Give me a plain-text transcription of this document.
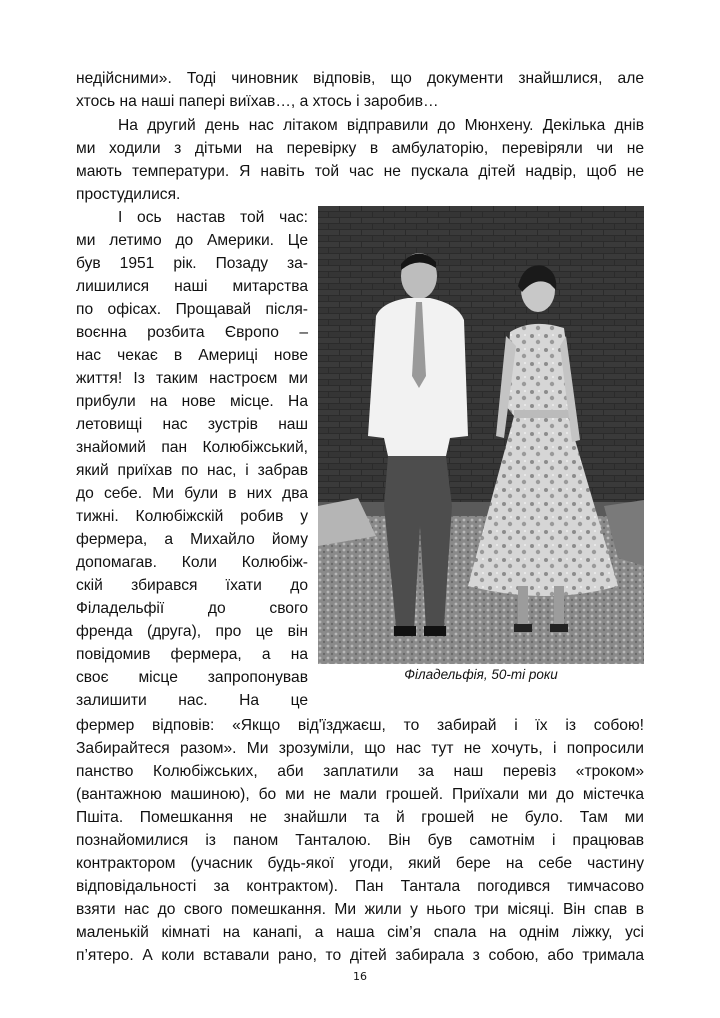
недійсними». Тоді чиновник відповів, що документи знайшлися, але
хтось на наші папері виїхав…, а хтось і заробив…
На другий день нас літаком відправили до Мюнхену. Декілька днів
ми ходили з дітьми на перевірку в амбулаторію, перевіряли чи не
мають температури. Я навіть той час не пускала дітей надвір, щоб не
простудилися.
І ось настав той час:
ми летимо до Америки. Це
був 1951 рік. Позаду за-
лишилися наші митарства
по офісах. Прощавай після-
воєнна розбита Європо –
нас чекає в Америці нове
життя! Із таким настроєм ми
прибули на нове місце. На
летовищі нас зустрів наш
знайомий пан Колюбіжський,
який приїхав по нас, і забрав
до себе. Ми були в них два
тижні. Колюбіжскій робив у
фермера, а Михайло йому
допомагав. Коли Колюбіж-
скій збирався їхати до
Філадельфії до свого
френда (друга), про це він
повідомив фермера, а на
своє місце запропонував
залишити нас. На це
Філадельфія, 50-ті роки
фермер відповів: «Якщо від'їзджаєш, то забирай і їх із собою!
Забирайтеся разом». Ми зрозуміли, що нас тут не хочуть, і попросили
панство Колюбіжських, аби заплатили за наш перевіз «троком»
(вантажною машиною), бо ми не мали грошей. Приїхали ми до містечка
Пшіта. Помешкання не знайшли та й грошей не було. Там ми
познайомилися із паном Танталою. Він був самотнім і працював
контрактором (учасник будь-якої угоди, який бере на себе частину
відповідальності за контрактом). Пан Тантала погодився тимчасово
взяти нас до свого помешкання. Ми жили у нього три місяці. Він спав в
маленькій кімнаті на канапі, а наша сім’я спала на однім ліжку, усі
п’ятеро. А коли вставали рано, то дітей забирала з собою, або тримала
16
